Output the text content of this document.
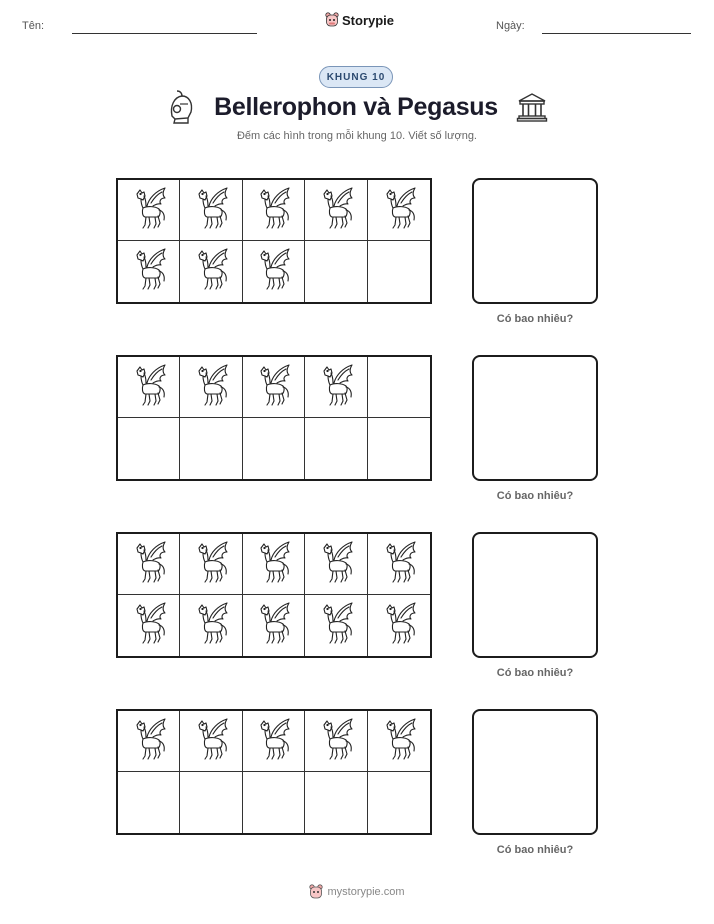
Tên:	Storypie	Ngày:
KHUNG 10
Bellerophon và Pegasus
Đếm các hình trong mỗi khung 10. Viết số lượng.
Có bao nhiêu?
Có bao nhiêu?
Có bao nhiêu?
Có bao nhiêu?
mystorypie.com
